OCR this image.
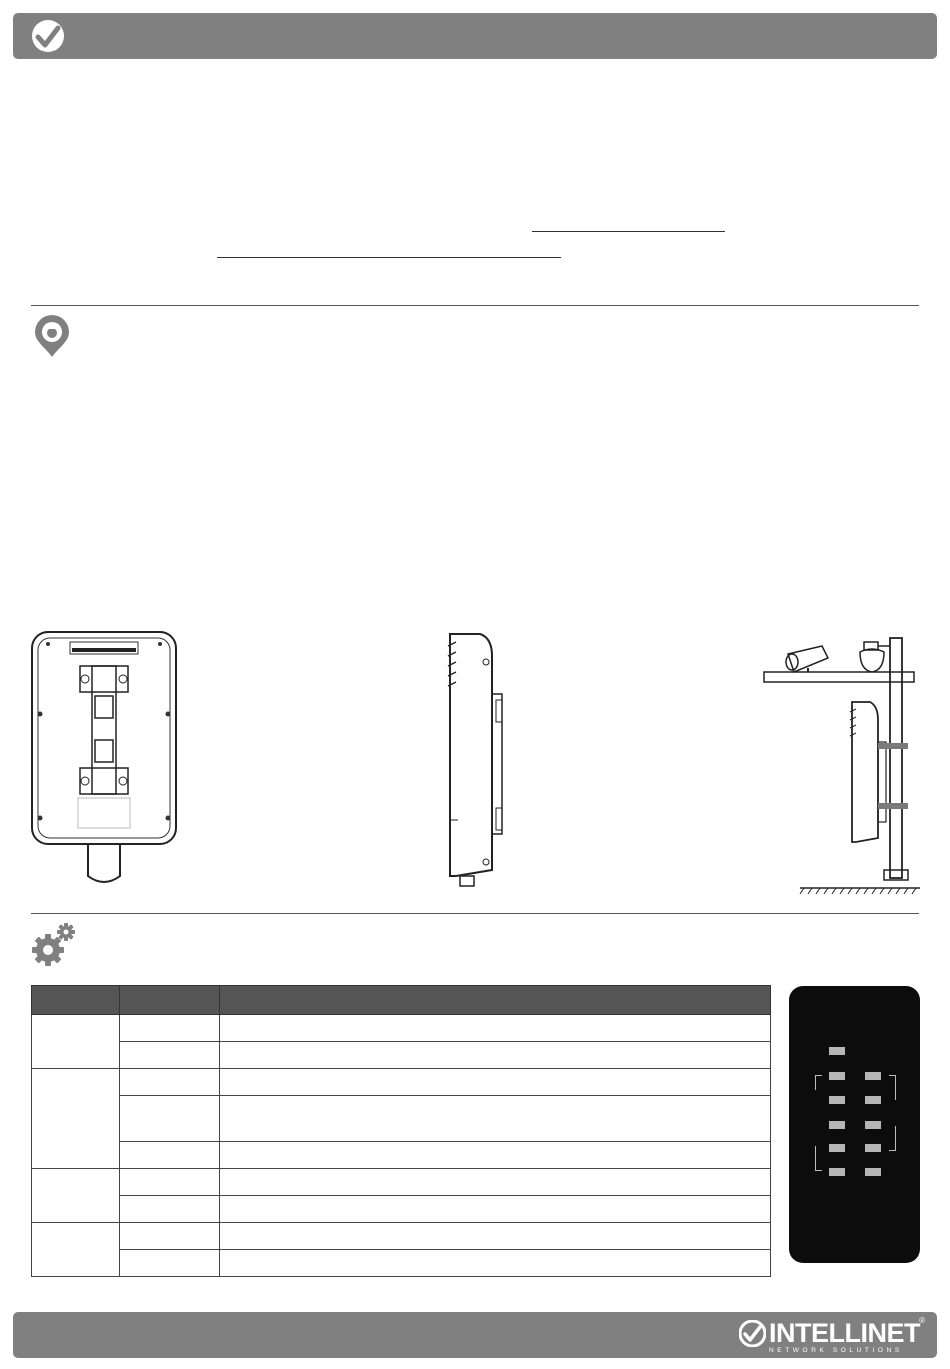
INTELLINET ®
NETWORK SOLUTIONS
